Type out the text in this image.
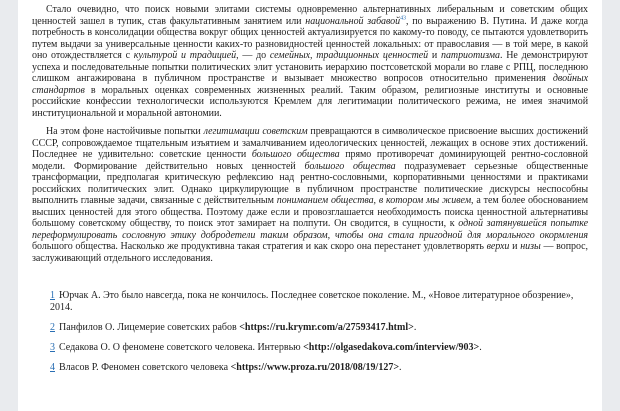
Стало очевидно, что поиск новыми элитами системы одновременно альтернативных либеральным и советским общих ценностей зашел в тупик, став факультативным занятием или национальной забавой$^{43}$, по выражению В. Путина. И даже когда потребность в консолидации общества вокруг общих ценностей актуализируется по какому-то поводу, се пытаются удовлетворить путем выдачи за универсальные ценности каких-то разновидностей ценностей локальных: от православия — в той мере, в какой оно отождествляется с культурой и традицией, — до семейных, традиционных ценностей и патриотизма. Не демонстрируют успеха и последовательные попытки политических элит установить иерархию постсоветской морали во главе с РПЦ, последнюю слишком ангажирована в публичном пространстве и вызывает множество вопросов относительно применения двойных стандартов в моральных оценках современных жизненных реалий. Таким образом, религиозные институты и основные российские конфессии технологически используются Кремлем для легитимации политического режима, не имея значимой институциональной и моральной автономии.

На этом фоне настойчивые попытки легитимации советским превращаются в символическое присвоение высших достижений СССР, сопровождаемое тщательным изъятием и замалчиванием идеологических ценностей, лежащих в основе этих достижений. Последнее не удивительно: советские ценности большого общества прямо противоречат доминирующей рентно-сословной модели. Формирование действительно новых ценностей большого общества подразумевает серьезные общественные трансформации, предполагая критическую рефлексию над рентно-сословными, корпоративными ценностями и практиками российских политических элит. Однако циркулирующие в публичном пространстве политические дискурсы неспособны выполнить главные задачи, связанные с действительным пониманием общества, в котором мы живем, а тем более обоснованием высших ценностей для этого общества. Поэтому даже если и провозглашается необходимость поиска ценностной альтернативы большому советскому обществу, то поиск этот замирает на полпути. Он сводится, в сущности, к одной затянувшейся попытке переформулировать сословную этику добродетели таким образом, чтобы она стала пригодной для морального окормления большого общества. Насколько же продуктивна такая стратегия и как скоро она перестанет удовлетворять верхи и низы — вопрос, заслуживающий отдельного исследования.

1 Юрчак А. Это было навсегда, пока не кончилось. Последнее советское поколение. М., «Новое литературное обозрение», 2014.
2 Панфилов О. Лицемерие советских рабов <https://ru.krymr.com/a/27593417.html>.
3 Седакова О. О феномене советского человека. Интервью <http://olgasedakova.com/interview/903>.
4 Власов Р. Феномен советского человека <https://www.proza.ru/2018/08/19/127>.
